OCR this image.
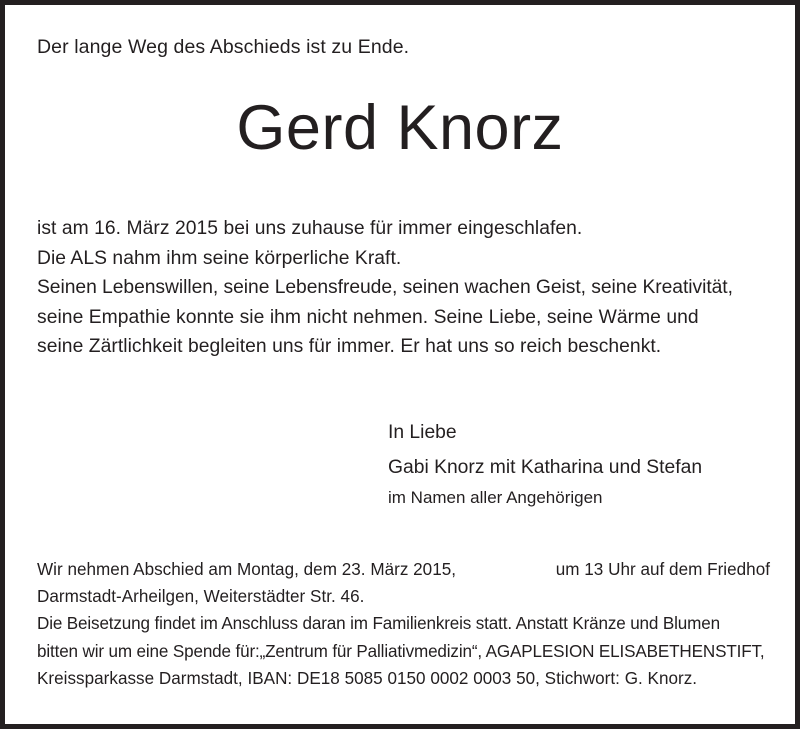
Der lange Weg des Abschieds ist zu Ende.
Gerd Knorz
ist am 16. März 2015 bei uns zuhause für immer eingeschlafen.
Die ALS nahm ihm seine körperliche Kraft.
Seinen Lebenswillen, seine Lebensfreude, seinen wachen Geist, seine Kreativität,
seine Empathie konnte sie ihm nicht nehmen. Seine Liebe, seine Wärme und
seine Zärtlichkeit begleiten uns für immer. Er hat uns so reich beschenkt.
In Liebe
Gabi Knorz mit Katharina und Stefan
im Namen aller Angehörigen
Wir nehmen Abschied am Montag, dem 23. März 2015,	um 13 Uhr auf dem Friedhof
Darmstadt-Arheilgen, Weiterstädter Str. 46.
Die Beisetzung findet im Anschluss daran im Familienkreis statt. Anstatt Kränze und Blumen
bitten wir um eine Spende für:„Zentrum für Palliativmedizin“, AGAPLESION ELISABETHENSTIFT,
Kreissparkasse Darmstadt, IBAN: DE18 5085 0150 0002 0003 50, Stichwort: G. Knorz.
